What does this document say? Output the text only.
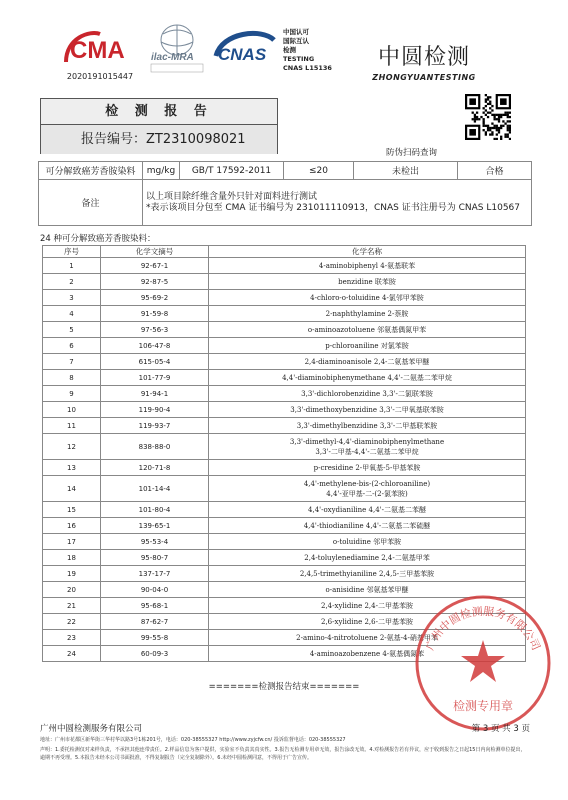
CMA
2020191015447
ilac-MRA CNAS
中国认可
国际互认
检测
TESTING
CNAS L15136	中圆检测
ZHONGYUANTESTING
防伪扫码查询
检 测 报 告
报告编号：ZT2310098021
可分解致癌芳香胺染料	mg/kg	GB/T 17592-2011	≤20	未检出	合格
备注	以上项目除纤维含量外只针对面料进行测试
*表示该项目分包至 CMA 证书编号为 231011110913，CNAS 证书注册号为 CNAS L10567				
24 种可分解致癌芳香胺染料：
序号	化学文摘号	化学名称
1	92-67-1	4-aminobiphenyl 4-氨基联苯
2	92-87-5	benzidine 联苯胺
3	95-69-2	4-chloro-o-toluidine 4-氯邻甲苯胺
4	91-59-8	2-naphthylamine 2-萘胺
5	97-56-3	o-aminoazotoluene 邻氨基偶氮甲苯
6	106-47-8	p-chloroaniline 对氯苯胺
7	615-05-4	2,4-diaminoanisole 2,4-二氨基苯甲醚
8	101-77-9	4,4'-diaminobiphenymethane 4,4'-二氨基二苯甲烷
9	91-94-1	3,3'-dichlorobenzidine 3,3'-二氯联苯胺
10	119-90-4	3,3'-dimethoxybenzidine 3,3'-二甲氧基联苯胺
11	119-93-7	3,3'-dimethylbenzidine 3,3'-二甲基联苯胺
12	838-88-0	3,3'-dimethyl-4,4'-diaminobiphenylmethane
3,3'-二甲基-4,4'-二氨基二苯甲烷

13	120-71-8	p-cresidine 2-甲氧基-5-甲基苯胺
14	101-14-4	4,4'-methylene-bis-(2-chloroaniline)
4,4'-亚甲基-二-(2-氯苯胺)

15	101-80-4	4,4'-oxydianiline 4,4'-二氨基二苯醚
16	139-65-1	4,4'-thiodianiline 4,4'-二氨基二苯硫醚
17	95-53-4	o-toluidine 邻甲苯胺
18	95-80-7	2,4-toluylenediamine 2,4-二氨基甲苯
19	137-17-7	2,4,5-trimethyianiline 2,4,5-三甲基苯胺
20	90-04-0	o-anisidine 邻氨基苯甲醚
21	95-68-1	2,4-xylidine 2,4-二甲基苯胺
22	87-62-7	2,6-xylidine 2,6-二甲基苯胺
23	99-55-8	2-amino-4-nitrotoluene 2-氨基-4-硝基甲苯
24	60-09-3	4-aminoazobenzene 4-氨基偶氮苯
广州中圆检测服务有限公司
检测专用章
=======检测报告结束=======
广州中圆检测服务有限公司	第 3 页 共 3 页
地址：广州市花都区新华街三华村华以路3号1栋201号，电话：020-38555327 http://www.zyjcfw.cn/ 投诉监督电话：020-38555327
声明：1.委托检测仅对来样负责，不承担其他连带责任。2.样品信息为客户提供，实验室不负责其真实性。3.报告无检测专用章无效，报告涂改无效。4.对检测报告若有异议，应于收到报告之日起15日内向检测单位提出，逾期不再受理。5.本报告未经本公司书面批准，不得复制报告（完全复制除外）。6.未经中圆检测同意，不得用于广告宣传。
